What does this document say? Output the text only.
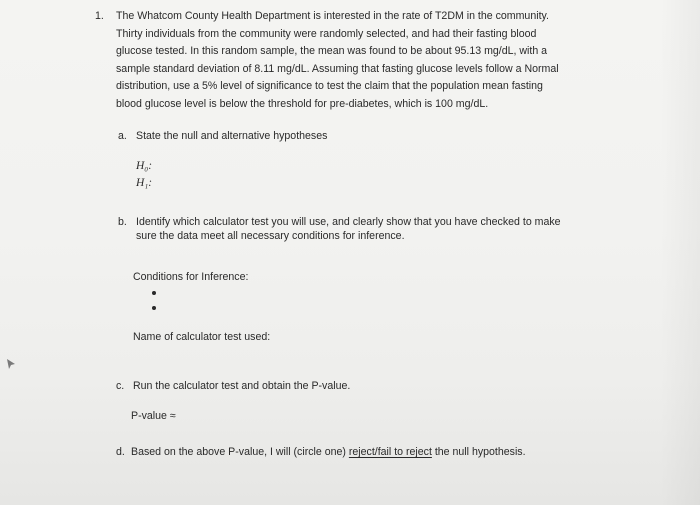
1. The Whatcom County Health Department is interested in the rate of T2DM in the community.
Thirty individuals from the community were randomly selected, and had their fasting blood
glucose tested. In this random sample, the mean was found to be about 95.13 mg/dL, with a
sample standard deviation of 8.11 mg/dL. Assuming that fasting glucose levels follow a Normal
distribution, use a 5% level of significance to test the claim that the population mean fasting
blood glucose level is below the threshold for pre-diabetes, which is 100 mg/dL.
a. State the null and alternative hypotheses
H₀:
H₁:
b. Identify which calculator test you will use, and clearly show that you have checked to make
sure the data meet all necessary conditions for inference.
Conditions for Inference:
Name of calculator test used:
c. Run the calculator test and obtain the P-value.
P-value ≈
d. Based on the above P-value, I will (circle one) reject/fail to reject the null hypothesis.
